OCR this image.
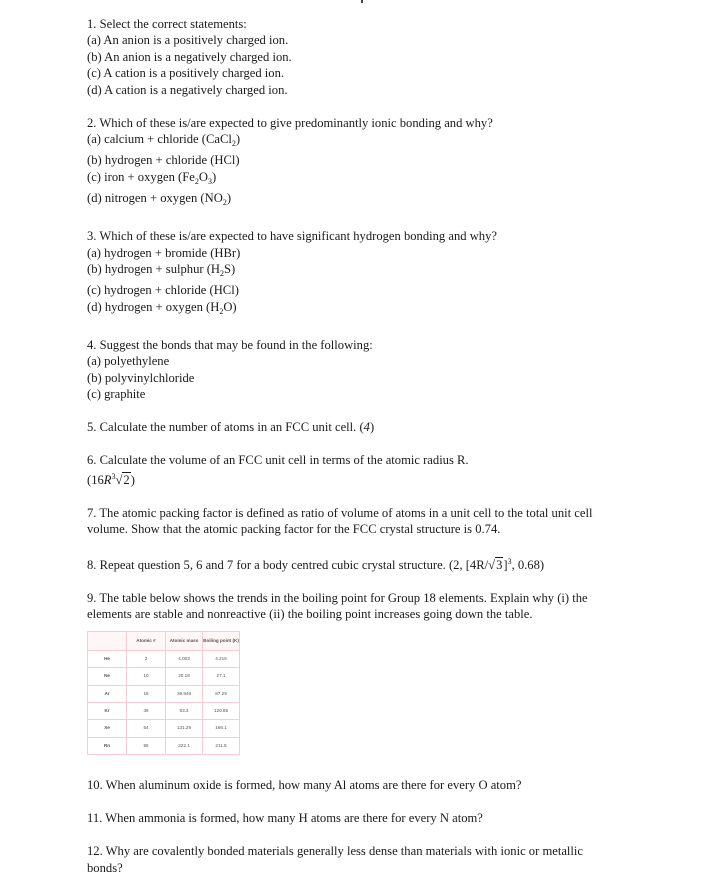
1. Select the correct statements:
(a) An anion is a positively charged ion.
(b) An anion is a negatively charged ion.
(c) A cation is a positively charged ion.
(d) A cation is a negatively charged ion.
2. Which of these is/are expected to give predominantly ionic bonding and why?
(a) calcium + chloride (CaCl$_2$)
(b) hydrogen + chloride (HCl)
(c) iron + oxygen $(Fe_2O_3)$
(d) nitrogen + oxygen $(NO_2)$
3. Which of these is/are expected to have significant hydrogen bonding and why?
(a) hydrogen + bromide (HBr)
(b) hydrogen + sulphur $(H_2S)$
(c) hydrogen + chloride (HCl)
(d) hydrogen + oxygen $(H_2O)$
4. Suggest the bonds that may be found in the following:
(a) polyethylene
(b) polyvinylchloride
(c) graphite
5. Calculate the number of atoms in an FCC unit cell. (4)
6. Calculate the volume of an FCC unit cell in terms of the atomic radius R.
$(16R^3√2)$
7. The atomic packing factor is defined as ratio of volume of atoms in a unit cell to the total unit cell
volume. Show that the atomic packing factor for the FCC crystal structure is 0.74.
8. Repeat question 5, 6 and 7 for a body centred cubic crystal structure. (2, $[4R/√3]^3$, 0.68)
9. The table below shows the trends in the boiling point for Group 18 elements. Explain why (i) the
elements are stable and nonreactive (ii) the boiling point increases going down the table.
	Atomic #	Atomic mass	Boiling point (K)
He	2	4.003	4.216
Ne	10	20.18	27.1
Ar	18	39.948	87.29
Kr	36	83.3	120.85
Xe	54	131.29	166.1
Rn	86	222.1	211.5
10. When aluminum oxide is formed, how many Al atoms are there for every O atom?
11. When ammonia is formed, how many H atoms are there for every N atom?
12. Why are covalently bonded materials generally less dense than materials with ionic or metallic
bonds?
